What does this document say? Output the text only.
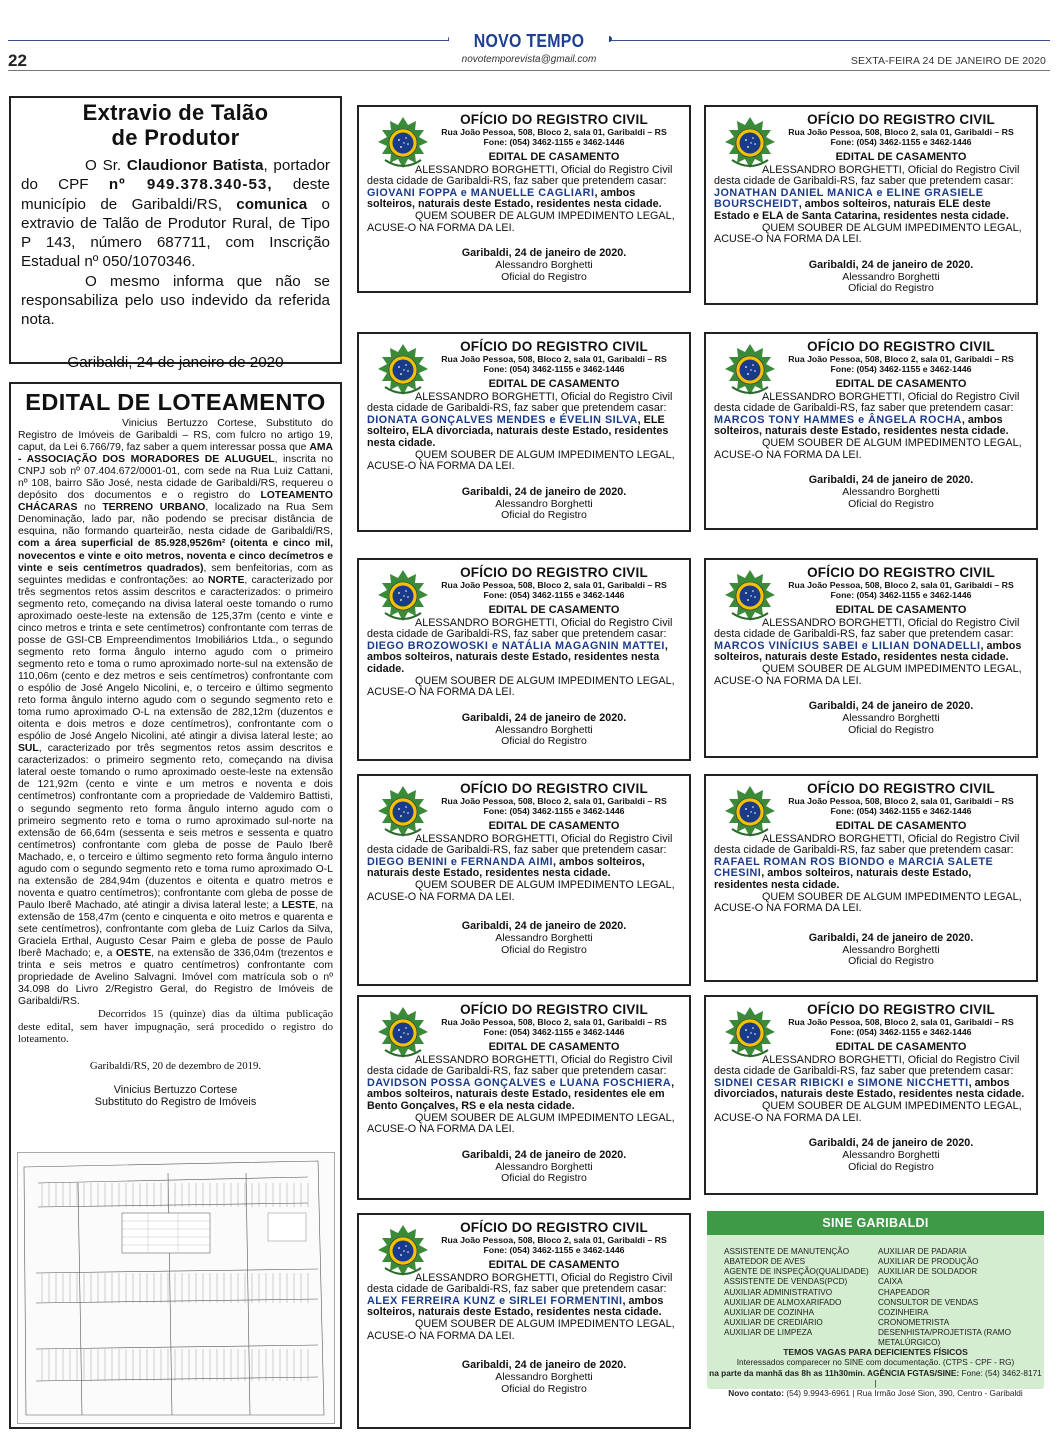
NOVO TEMPO
novotemporevista@gmail.com
22	SEXTA-FEIRA 24 DE JANEIRO DE 2020
Extravio de Talão
de Produtor

O Sr. Claudionor Batista, portador do CPF nº 949.378.340-53, deste município de Garibaldi/RS, comunica o extravio de Talão de Produtor Rural, de Tipo P 143, número 687711, com Inscrição Estadual nº 050/1070346.

O mesmo informa que não se responsabiliza pelo uso indevido da referida nota.

Garibaldi, 24 de janeiro de 2020

EDITAL DE LOTEAMENTO

Vinicius Bertuzzo Cortese, Substituto do Registro de Imóveis de Garibaldi – RS, com fulcro no artigo 19, caput, da Lei 6.766/79, faz saber a quem interessar possa que AMA - ASSOCIAÇÃO DOS MORADORES DE ALUGUEL, inscrita no CNPJ sob nº 07.404.672/0001-01, com sede na Rua Luiz Cattani, nº 108, bairro São José, nesta cidade de Garibaldi/RS, requereu o depósito dos documentos e o registro do LOTEAMENTO CHÁCARAS no TERRENO URBANO, localizado na Rua Sem Denominação, lado par, não podendo se precisar distância de esquina, não formando quarteirão, nesta cidade de Garibaldi/RS, com a área superficial de 85.928,9526m² (oitenta e cinco mil, novecentos e vinte e oito metros, noventa e cinco decímetros e vinte e seis centímetros quadrados), sem benfeitorias, com as seguintes medidas e confrontações: ao NORTE, caracterizado por três segmentos retos assim descritos e caracterizados: o primeiro segmento reto, começando na divisa lateral oeste tomando o rumo aproximado oeste-leste na extensão de 125,37m (cento e vinte e cinco metros e trinta e sete centímetros) confrontante com terras de posse de GSI-CB Empreendimentos Imobiliários Ltda., o segundo segmento reto forma ângulo interno agudo com o primeiro segmento reto e toma o rumo aproximado norte-sul na extensão de 110,06m (cento e dez metros e seis centímetros) confrontante com o espólio de José Angelo Nicolini, e, o terceiro e último segmento reto forma ângulo interno agudo com o segundo segmento reto e toma rumo aproximado O-L na extensão de 282,12m (duzentos e oitenta e dois metros e doze centímetros), confrontante com o espólio de José Angelo Nicolini, até atingir a divisa lateral leste; ao SUL, caracterizado por três segmentos retos assim descritos e caracterizados: o primeiro segmento reto, começando na divisa lateral oeste tomando o rumo aproximado oeste-leste na extensão de 121,92m (cento e vinte e um metros e noventa e dois centímetros) confrontante com a propriedade de Valdemiro Battisti, o segundo segmento reto forma ângulo interno agudo com o primeiro segmento reto e toma o rumo aproximado sul-norte na extensão de 66,64m (sessenta e seis metros e sessenta e quatro centímetros) confrontante com gleba de posse de Paulo Iberê Machado, e, o terceiro e último segmento reto forma ângulo interno agudo com o segundo segmento reto e toma rumo aproximado O-L na extensão de 284,94m (duzentos e oitenta e quatro metros e noventa e quatro centímetros); confrontante com gleba de posse de Paulo Iberê Machado, até atingir a divisa lateral leste; a LESTE, na extensão de 158,47m (cento e cinquenta e oito metros e quarenta e sete centímetros), confrontante com gleba de Luiz Carlos da Silva, Graciela Erthal, Augusto Cesar Paim e gleba de posse de Paulo Iberê Machado; e, a OESTE, na extensão de 336,04m (trezentos e trinta e seis metros e quatro centímetros) confrontante com propriedade de Avelino Salvagni. Imóvel com matrícula sob o nº 34.098 do Livro 2/Registro Geral, do Registro de Imóveis de Garibaldi/RS.

Decorridos 15 (quinze) dias da última publicação deste edital, sem haver impugnação, será procedido o registro do loteamento.

Garibaldi/RS, 20 de dezembro de 2019.

Vinicius Bertuzzo Cortese

Substituto do Registro de Imóveis

OFÍCIO DO REGISTRO CIVIL
Rua João Pessoa, 508, Bloco 2, sala 01, Garibaldi – RS
Fone: (054) 3462-1155 e 3462-1446
EDITAL DE CASAMENTO
ALESSANDRO BORGHETTI, Oficial do Registro Civil desta cidade de Garibaldi-RS, faz saber que pretendem casar:
GIOVANI FOPPA e MANUELLE CAGLIARI, ambos solteiros, naturais deste Estado, residentes nesta cidade.
QUEM SOUBER DE ALGUM IMPEDIMENTO LEGAL, ACUSE-O NA FORMA DA LEI.
Garibaldi, 24 de janeiro de 2020.
Alessandro Borghetti
Oficial do Registro
OFÍCIO DO REGISTRO CIVIL
Rua João Pessoa, 508, Bloco 2, sala 01, Garibaldi – RS
Fone: (054) 3462-1155 e 3462-1446
EDITAL DE CASAMENTO
ALESSANDRO BORGHETTI, Oficial do Registro Civil desta cidade de Garibaldi-RS, faz saber que pretendem casar:
JONATHAN DANIEL MANICA e ELINE GRASIELE BOURSCHEIDT, ambos solteiros, naturais ELE deste Estado e ELA de Santa Catarina, residentes nesta cidade.
QUEM SOUBER DE ALGUM IMPEDIMENTO LEGAL, ACUSE-O NA FORMA DA LEI.
Garibaldi, 24 de janeiro de 2020.
Alessandro Borghetti
Oficial do Registro
OFÍCIO DO REGISTRO CIVIL
Rua João Pessoa, 508, Bloco 2, sala 01, Garibaldi – RS
Fone: (054) 3462-1155 e 3462-1446
EDITAL DE CASAMENTO
ALESSANDRO BORGHETTI, Oficial do Registro Civil desta cidade de Garibaldi-RS, faz saber que pretendem casar:
DIONATA GONÇALVES MENDES e ÉVELIN SILVA, ELE solteiro, ELA divorciada, naturais deste Estado, residentes nesta cidade.
QUEM SOUBER DE ALGUM IMPEDIMENTO LEGAL, ACUSE-O NA FORMA DA LEI.
Garibaldi, 24 de janeiro de 2020.
Alessandro Borghetti
Oficial do Registro
OFÍCIO DO REGISTRO CIVIL
Rua João Pessoa, 508, Bloco 2, sala 01, Garibaldi – RS
Fone: (054) 3462-1155 e 3462-1446
EDITAL DE CASAMENTO
ALESSANDRO BORGHETTI, Oficial do Registro Civil desta cidade de Garibaldi-RS, faz saber que pretendem casar:
MARCOS TONY HAMMES e ÂNGELA ROCHA, ambos solteiros, naturais deste Estado, residentes nesta cidade.
QUEM SOUBER DE ALGUM IMPEDIMENTO LEGAL, ACUSE-O NA FORMA DA LEI.
Garibaldi, 24 de janeiro de 2020.
Alessandro Borghetti
Oficial do Registro
OFÍCIO DO REGISTRO CIVIL
Rua João Pessoa, 508, Bloco 2, sala 01, Garibaldi – RS
Fone: (054) 3462-1155 e 3462-1446
EDITAL DE CASAMENTO
ALESSANDRO BORGHETTI, Oficial do Registro Civil desta cidade de Garibaldi-RS, faz saber que pretendem casar:
DIEGO BROZOWOSKI e NATÁLIA MAGAGNIN MATTEI, ambos solteiros, naturais deste Estado, residentes nesta cidade.
QUEM SOUBER DE ALGUM IMPEDIMENTO LEGAL, ACUSE-O NA FORMA DA LEI.
Garibaldi, 24 de janeiro de 2020.
Alessandro Borghetti
Oficial do Registro
OFÍCIO DO REGISTRO CIVIL
Rua João Pessoa, 508, Bloco 2, sala 01, Garibaldi – RS
Fone: (054) 3462-1155 e 3462-1446
EDITAL DE CASAMENTO
ALESSANDRO BORGHETTI, Oficial do Registro Civil desta cidade de Garibaldi-RS, faz saber que pretendem casar:
MARCOS VINÍCIUS SABEI e LILIAN DONADELLI, ambos solteiros, naturais deste Estado, residentes nesta cidade.
QUEM SOUBER DE ALGUM IMPEDIMENTO LEGAL, ACUSE-O NA FORMA DA LEI.
Garibaldi, 24 de janeiro de 2020.
Alessandro Borghetti
Oficial do Registro
OFÍCIO DO REGISTRO CIVIL
Rua João Pessoa, 508, Bloco 2, sala 01, Garibaldi – RS
Fone: (054) 3462-1155 e 3462-1446
EDITAL DE CASAMENTO
ALESSANDRO BORGHETTI, Oficial do Registro Civil desta cidade de Garibaldi-RS, faz saber que pretendem casar:
DIEGO BENINI e FERNANDA AIMI, ambos solteiros, naturais deste Estado, residentes nesta cidade.
QUEM SOUBER DE ALGUM IMPEDIMENTO LEGAL, ACUSE-O NA FORMA DA LEI.
Garibaldi, 24 de janeiro de 2020.
Alessandro Borghetti
Oficial do Registro
OFÍCIO DO REGISTRO CIVIL
Rua João Pessoa, 508, Bloco 2, sala 01, Garibaldi – RS
Fone: (054) 3462-1155 e 3462-1446
EDITAL DE CASAMENTO
ALESSANDRO BORGHETTI, Oficial do Registro Civil desta cidade de Garibaldi-RS, faz saber que pretendem casar:
RAFAEL ROMAN ROS BIONDO e MARCIA SALETE CHESINI, ambos solteiros, naturais deste Estado, residentes nesta cidade.
QUEM SOUBER DE ALGUM IMPEDIMENTO LEGAL, ACUSE-O NA FORMA DA LEI.
Garibaldi, 24 de janeiro de 2020.
Alessandro Borghetti
Oficial do Registro
OFÍCIO DO REGISTRO CIVIL
Rua João Pessoa, 508, Bloco 2, sala 01, Garibaldi – RS
Fone: (054) 3462-1155 e 3462-1446
EDITAL DE CASAMENTO
ALESSANDRO BORGHETTI, Oficial do Registro Civil desta cidade de Garibaldi-RS, faz saber que pretendem casar:
DAVIDSON POSSA GONÇALVES e LUANA FOSCHIERA, ambos solteiros, naturais deste Estado, residentes ele em Bento Gonçalves, RS e ela nesta cidade.
QUEM SOUBER DE ALGUM IMPEDIMENTO LEGAL, ACUSE-O NA FORMA DA LEI.
Garibaldi, 24 de janeiro de 2020.
Alessandro Borghetti
Oficial do Registro
OFÍCIO DO REGISTRO CIVIL
Rua João Pessoa, 508, Bloco 2, sala 01, Garibaldi – RS
Fone: (054) 3462-1155 e 3462-1446
EDITAL DE CASAMENTO
ALESSANDRO BORGHETTI, Oficial do Registro Civil desta cidade de Garibaldi-RS, faz saber que pretendem casar:
SIDNEI CESAR RIBICKI e SIMONE NICCHETTI, ambos divorciados, naturais deste Estado, residentes nesta cidade.
QUEM SOUBER DE ALGUM IMPEDIMENTO LEGAL, ACUSE-O NA FORMA DA LEI.
Garibaldi, 24 de janeiro de 2020.
Alessandro Borghetti
Oficial do Registro
OFÍCIO DO REGISTRO CIVIL
Rua João Pessoa, 508, Bloco 2, sala 01, Garibaldi – RS
Fone: (054) 3462-1155 e 3462-1446
EDITAL DE CASAMENTO
ALESSANDRO BORGHETTI, Oficial do Registro Civil desta cidade de Garibaldi-RS, faz saber que pretendem casar:
ALEX FERREIRA KUNZ e SIRLEI FORMENTINI, ambos solteiros, naturais deste Estado, residentes nesta cidade.
QUEM SOUBER DE ALGUM IMPEDIMENTO LEGAL, ACUSE-O NA FORMA DA LEI.
Garibaldi, 24 de janeiro de 2020.
Alessandro Borghetti
Oficial do Registro
SINE GARIBALDI
ASSISTENTE DE MANUTENÇÃO
ABATEDOR DE AVES
AGENTE DE INSPEÇÃO(QUALIDADE)
ASSISTENTE DE VENDAS(PCD)
AUXILIAR ADMINISTRATIVO
AUXILIAR DE ALMOXARIFADO
AUXILIAR DE COZINHA
AUXILIAR DE CREDIÁRIO
AUXILIAR DE LIMPEZA
AUXILIAR DE PADARIA
AUXILIAR DE PRODUÇÃO
AUXILIAR DE SOLDADOR
CAIXA
CHAPEADOR
CONSULTOR DE VENDAS
COZINHEIRA
CRONOMETRISTA
DESENHISTA/PROJETISTA (RAMO METALÚRGICO)
TEMOS VAGAS PARA DEFICIENTES FÍSICOS
Interessados comparecer no SINE com documentação. (CTPS - CPF - RG)
na parte da manhã das 8h as 11h30min. AGÊNCIA FGTAS/SINE: Fone: (54) 3462-8171 |
Novo contato: (54) 9.9943-6961 | Rua Irmão José Sion, 390, Centro - Garibaldi
